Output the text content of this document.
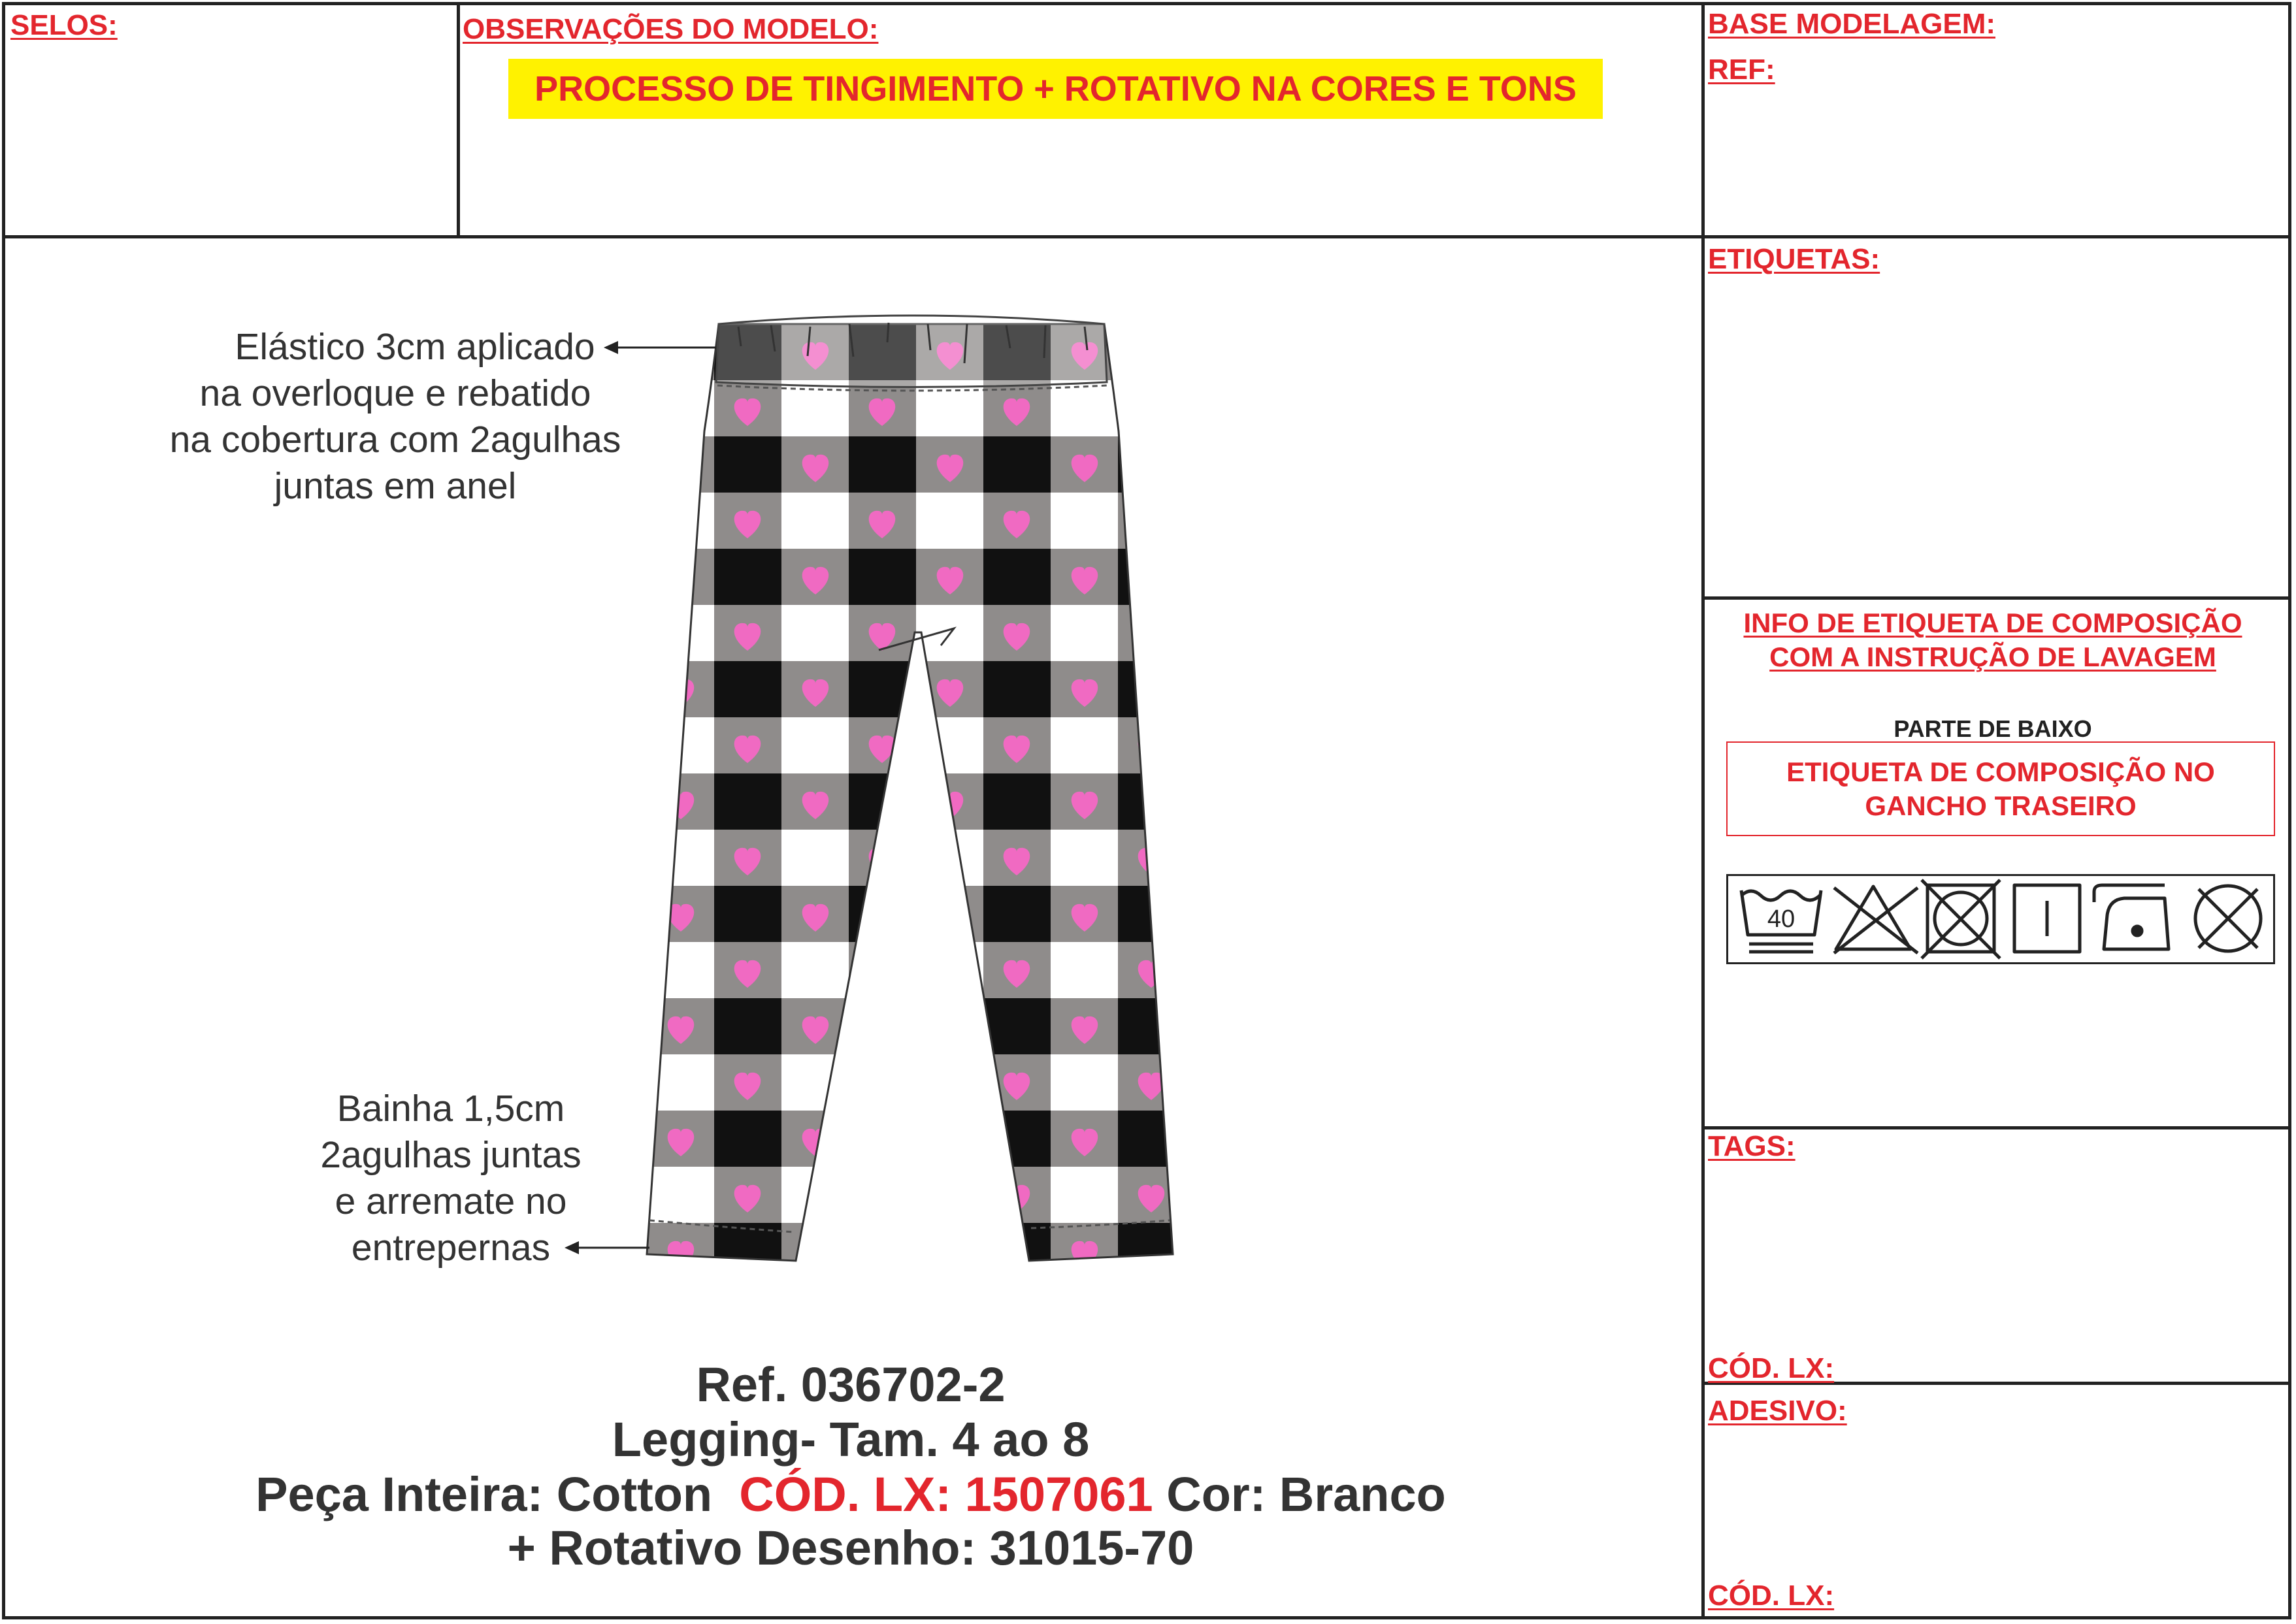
SELOS:	OBSERVAÇÕES DO MODELO:
PROCESSO DE TINGIMENTO + ROTATIVO NA CORES E TONS
BASE MODELAGEM:
REF:
ETIQUETAS:
INFO DE ETIQUETA DE COMPOSIÇÃO
COM A INSTRUÇÃO DE LAVAGEM
PARTE DE BAIXO
ETIQUETA DE COMPOSIÇÃO NO
GANCHO TRASEIRO
40
TAGS:
CÓD. LX:
ADESIVO:
CÓD. LX:
Elástico 3cm aplicado
na overloque e rebatido
na cobertura com 2agulhas
juntas em anel
Bainha 1,5cm
2agulhas juntas
e arremate no
entrepernas
Ref. 036702-2
Legging- Tam. 4 ao 8
Peça Inteira: Cotton CÓD. LX: 1507061 Cor: Branco
+ Rotativo Desenho: 31015-70
